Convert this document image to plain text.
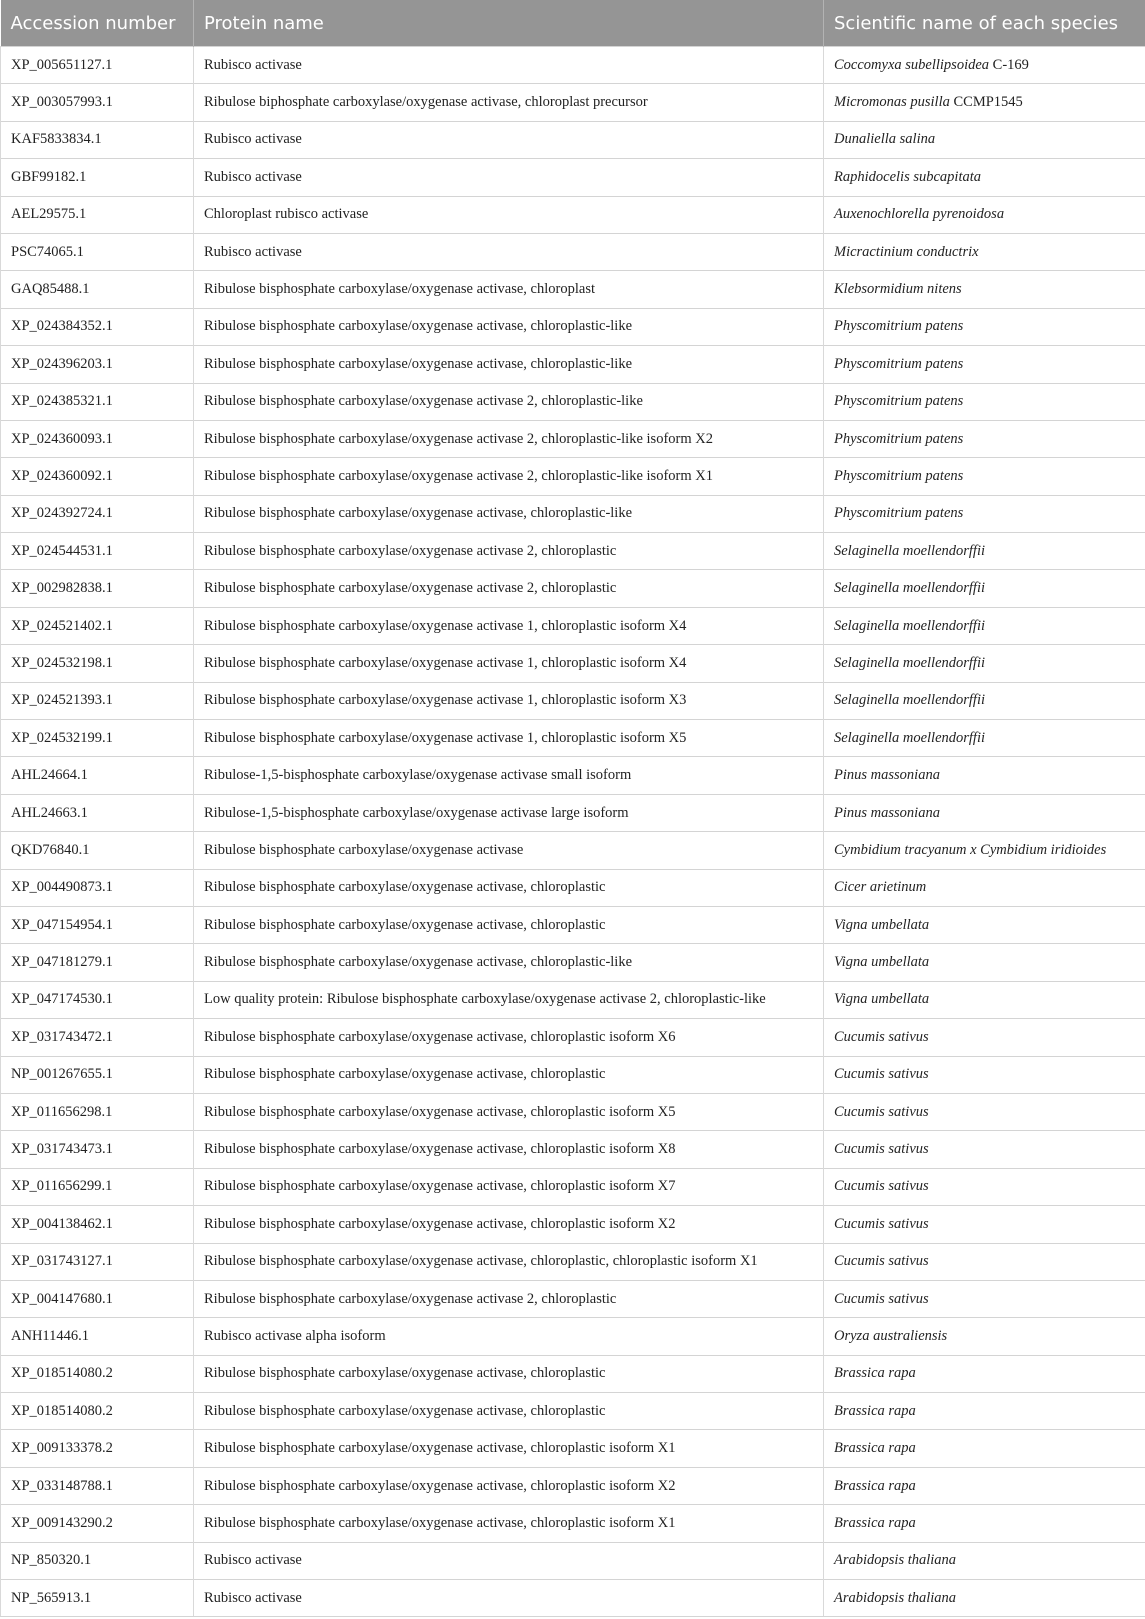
Accession number	Protein name	Scientific name of each species
XP_005651127.1	Rubisco activase	Coccomyxa subellipsoidea C-169
XP_003057993.1	Ribulose biphosphate carboxylase/oxygenase activase, chloroplast precursor	Micromonas pusilla CCMP1545
KAF5833834.1	Rubisco activase	Dunaliella salina
GBF99182.1	Rubisco activase	Raphidocelis subcapitata
AEL29575.1	Chloroplast rubisco activase	Auxenochlorella pyrenoidosa
PSC74065.1	Rubisco activase	Micractinium conductrix
GAQ85488.1	Ribulose bisphosphate carboxylase/oxygenase activase, chloroplast	Klebsormidium nitens
XP_024384352.1	Ribulose bisphosphate carboxylase/oxygenase activase, chloroplastic-like	Physcomitrium patens
XP_024396203.1	Ribulose bisphosphate carboxylase/oxygenase activase, chloroplastic-like	Physcomitrium patens
XP_024385321.1	Ribulose bisphosphate carboxylase/oxygenase activase 2, chloroplastic-like	Physcomitrium patens
XP_024360093.1	Ribulose bisphosphate carboxylase/oxygenase activase 2, chloroplastic-like isoform X2	Physcomitrium patens
XP_024360092.1	Ribulose bisphosphate carboxylase/oxygenase activase 2, chloroplastic-like isoform X1	Physcomitrium patens
XP_024392724.1	Ribulose bisphosphate carboxylase/oxygenase activase, chloroplastic-like	Physcomitrium patens
XP_024544531.1	Ribulose bisphosphate carboxylase/oxygenase activase 2, chloroplastic	Selaginella moellendorffii
XP_002982838.1	Ribulose bisphosphate carboxylase/oxygenase activase 2, chloroplastic	Selaginella moellendorffii
XP_024521402.1	Ribulose bisphosphate carboxylase/oxygenase activase 1, chloroplastic isoform X4	Selaginella moellendorffii
XP_024532198.1	Ribulose bisphosphate carboxylase/oxygenase activase 1, chloroplastic isoform X4	Selaginella moellendorffii
XP_024521393.1	Ribulose bisphosphate carboxylase/oxygenase activase 1, chloroplastic isoform X3	Selaginella moellendorffii
XP_024532199.1	Ribulose bisphosphate carboxylase/oxygenase activase 1, chloroplastic isoform X5	Selaginella moellendorffii
AHL24664.1	Ribulose-1,5-bisphosphate carboxylase/oxygenase activase small isoform	Pinus massoniana
AHL24663.1	Ribulose-1,5-bisphosphate carboxylase/oxygenase activase large isoform	Pinus massoniana
QKD76840.1	Ribulose bisphosphate carboxylase/oxygenase activase	Cymbidium tracyanum x Cymbidium iridioides
XP_004490873.1	Ribulose bisphosphate carboxylase/oxygenase activase, chloroplastic	Cicer arietinum
XP_047154954.1	Ribulose bisphosphate carboxylase/oxygenase activase, chloroplastic	Vigna umbellata
XP_047181279.1	Ribulose bisphosphate carboxylase/oxygenase activase, chloroplastic-like	Vigna umbellata
XP_047174530.1	Low quality protein: Ribulose bisphosphate carboxylase/oxygenase activase 2, chloroplastic-like	Vigna umbellata
XP_031743472.1	Ribulose bisphosphate carboxylase/oxygenase activase, chloroplastic isoform X6	Cucumis sativus
NP_001267655.1	Ribulose bisphosphate carboxylase/oxygenase activase, chloroplastic	Cucumis sativus
XP_011656298.1	Ribulose bisphosphate carboxylase/oxygenase activase, chloroplastic isoform X5	Cucumis sativus
XP_031743473.1	Ribulose bisphosphate carboxylase/oxygenase activase, chloroplastic isoform X8	Cucumis sativus
XP_011656299.1	Ribulose bisphosphate carboxylase/oxygenase activase, chloroplastic isoform X7	Cucumis sativus
XP_004138462.1	Ribulose bisphosphate carboxylase/oxygenase activase, chloroplastic isoform X2	Cucumis sativus
XP_031743127.1	Ribulose bisphosphate carboxylase/oxygenase activase, chloroplastic, chloroplastic isoform X1	Cucumis sativus
XP_004147680.1	Ribulose bisphosphate carboxylase/oxygenase activase 2, chloroplastic	Cucumis sativus
ANH11446.1	Rubisco activase alpha isoform	Oryza australiensis
XP_018514080.2	Ribulose bisphosphate carboxylase/oxygenase activase, chloroplastic	Brassica rapa
XP_018514080.2	Ribulose bisphosphate carboxylase/oxygenase activase, chloroplastic	Brassica rapa
XP_009133378.2	Ribulose bisphosphate carboxylase/oxygenase activase, chloroplastic isoform X1	Brassica rapa
XP_033148788.1	Ribulose bisphosphate carboxylase/oxygenase activase, chloroplastic isoform X2	Brassica rapa
XP_009143290.2	Ribulose bisphosphate carboxylase/oxygenase activase, chloroplastic isoform X1	Brassica rapa
NP_850320.1	Rubisco activase	Arabidopsis thaliana
NP_565913.1	Rubisco activase	Arabidopsis thaliana
